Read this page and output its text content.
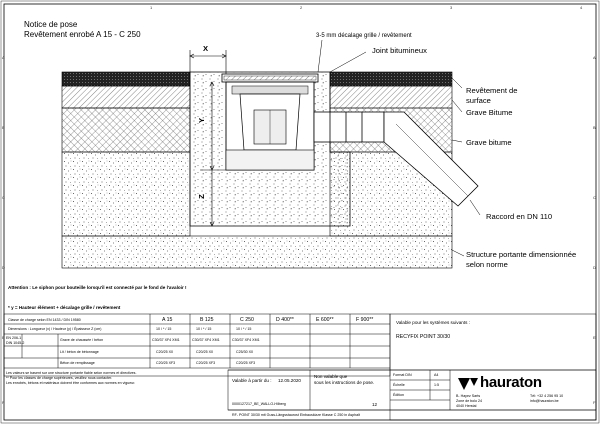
Notice de pose
Revêtement enrobé A 15 - C 250
X
Y
Z
3-5 mm décalage grille / revêtement
Joint bitumineux
Revêtement de
surface
Grave Bitume
Grave bitume
Raccord en DN 110
Structure portante dimensionnée
selon norme
Attention : Le siphon pour bouteille lorsqu'il est connecté par le fond de l'avaloir !
* y = Hauteur élément + décalage grille / revêtement
Classe de charge selon EN 1433 / DIN 19580	A 15	B 125	C 250	D 400**	E 600**	F 900**
Dimensions : Longueur (x) / Hauteur (y) / Épaisseur Z (cm)	10 / * / 15	10 / * / 15	10 / * / 15
EN 206-1
DIN 1045-2
Grave de chaussée / béton	C30/37 XF4 XM1	C30/37 XF4 XM1	C30/37 XF4 XM1
Lit / béton de bétonnage	C20/25 X0	C20/25 X0	C25/30 X0
Béton de remplissage	C20/25 XF3	C20/25 XF3	C20/25 XF3
Les valeurs se basent sur une structure portante fiable selon normes et directives.
** Pour les classes de charge supérieures, veuillez nous contacter.
Les enrobés, bétons et matériaux doivent être conformes aux normes en vigueur.
Valable pour les systèmes suivants :
RECYFIX POINT 30/30
Valable à partir du : 12.05.2020
Non valable que
sous les instructions de pose.
12
Format DIN	A4
Échelle	1:5
Édition
hauraton
B- Hayez Sarts
Zone de bolo 24
4040 Herstal
Tél: +32 4 256 95 10
info@hauraton.be
0000127217_BE_WALLO-Hilberg
RF- POINT 30/30 mit Guss-Längsstaurost Einbauskizze Klasse C 250 in Asphalt
1	2	3	4
A
B
C
D
E
F
A
B
C
D
E
F
